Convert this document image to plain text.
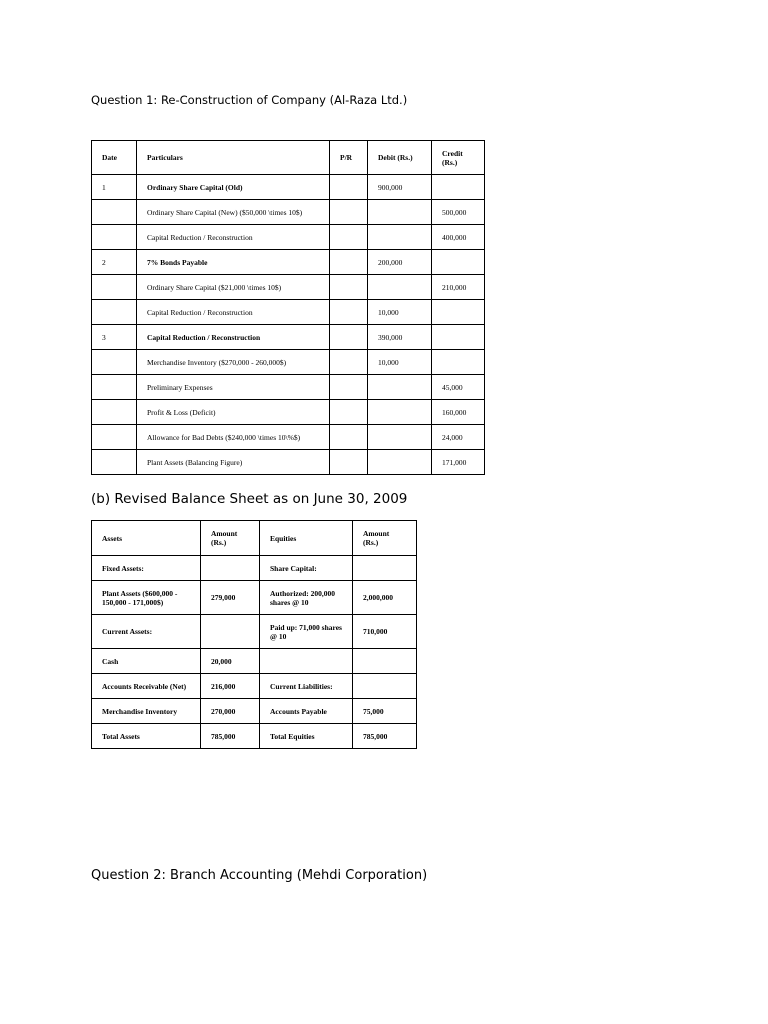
Question 1: Re-Construction of Company (Al-Raza Ltd.)
Date	Particulars	P/R	Debit (Rs.)	Credit (Rs.)
1	Ordinary Share Capital (Old)		900,000	
	Ordinary Share Capital (New) ($50,000 \times 10$)			500,000
	Capital Reduction / Reconstruction			400,000
2	7% Bonds Payable		200,000	
	Ordinary Share Capital ($21,000 \times 10$)			210,000
	Capital Reduction / Reconstruction		10,000	
3	Capital Reduction / Reconstruction		390,000	
	Merchandise Inventory ($270,000 - 260,000$)		10,000	
	Preliminary Expenses			45,000
	Profit & Loss (Deficit)			160,000
	Allowance for Bad Debts ($240,000 \times 10\%$)			24,000
	Plant Assets (Balancing Figure)			171,000
(b) Revised Balance Sheet as on June 30, 2009
Assets	Amount (Rs.)	Equities	Amount (Rs.)
Fixed Assets:		Share Capital:	
Plant Assets ($600,000 - 150,000 - 171,000$)	279,000	Authorized: 200,000 shares @ 10	2,000,000
Current Assets:		Paid up: 71,000 shares @ 10	710,000
Cash	20,000		
Accounts Receivable (Net)	216,000	Current Liabilities:	
Merchandise Inventory	270,000	Accounts Payable	75,000
Total Assets	785,000	Total Equities	785,000
Question 2: Branch Accounting (Mehdi Corporation)
